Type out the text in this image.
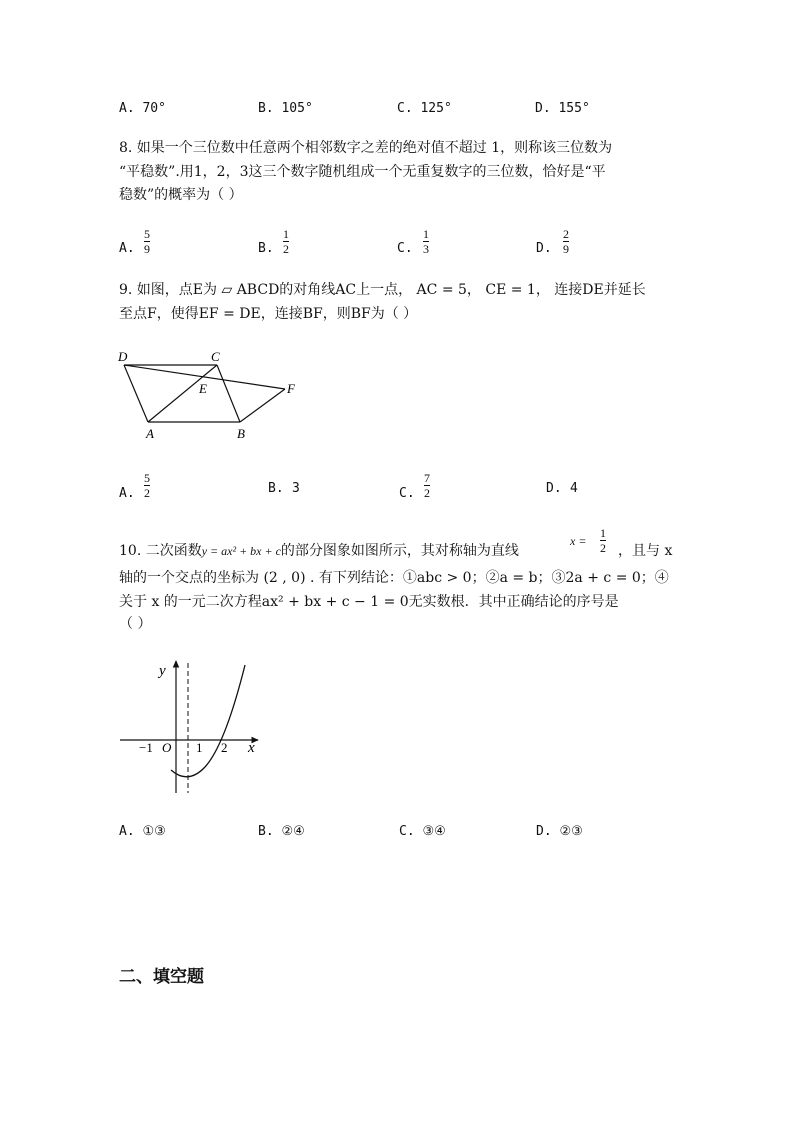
A. 70°	B. 105°	C. 125°	D. 155°
8. 如果一个三位数中任意两个相邻数字之差的绝对值不超过 1，则称该三位数为
“平稳数”.用1，2，3这三个数字随机组成一个无重复数字的三位数，恰好是“平
稳数”的概率为（ ）
A.
5
9	B.
1
2	C.
1
3	D.
2
9
9. 如图，点E为 ▱ ABCD的对角线AC上一点， AC = 5， CE = 1， 连接DE并延长
至点F，使得EF = DE，连接BF，则BF为（ ）
D	C
E	F
A	B
A.
5
2	B. 3	C.
7
2	D. 4
10. 二次函数y = ax² + bx + c的部分图象如图所示，其对称轴为直线
x =
1
2 ，且与 x
轴的一个交点的坐标为 (2 , 0) . 有下列结论：①abc > 0；②a = b；③2a + c = 0；④
关于 x 的一元二次方程ax² + bx + c − 1 = 0无实数根．其中正确结论的序号是
（ ）
y
x
O
−1	1 2
A. ①③	B. ②④	C. ③④	D. ②③
二、填空题
